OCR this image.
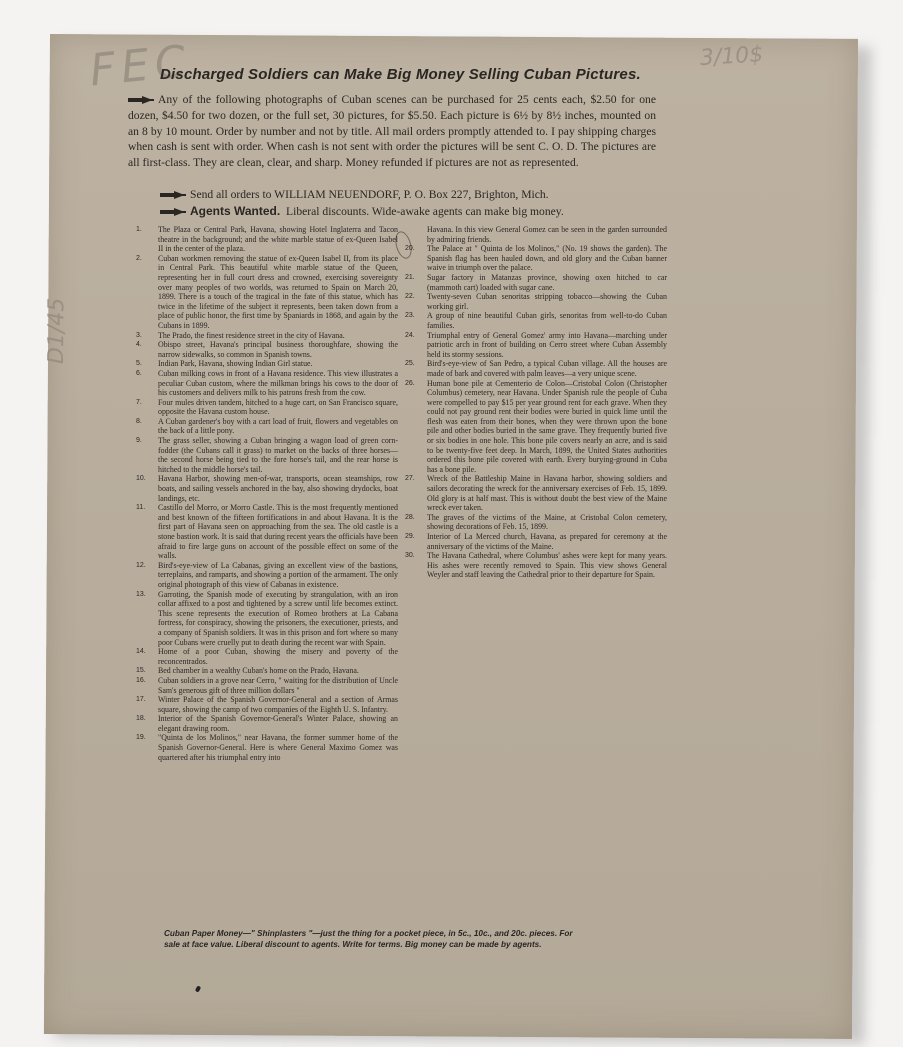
FEC	3/10$
D1/45
Discharged Soldiers can Make Big Money Selling Cuban Pictures.
Any of the following photographs of Cuban scenes can be purchased for 25 cents each, $2.50 for one dozen, $4.50 for two dozen, or the full set, 30 pictures, for $5.50. Each picture is 6½ by 8½ inches, mounted on an 8 by 10 mount. Order by number and not by title. All mail orders promptly attended to. I pay shipping charges when cash is sent with order. When cash is not sent with order the pictures will be sent C. O. D. The pictures are all first-class. They are clean, clear, and sharp. Money refunded if pictures are not as represented.
Send all orders to WILLIAM NEUENDORF, P. O. Box 227, Brighton, Mich.
Agents Wanted. Liberal discounts. Wide-awake agents can make big money.
1.	The Plaza or Central Park, Havana, showing Hotel Inglaterra and Tacon theatre in the background; and the white marble statue of ex-Queen Isabel II in the center of the plaza.
2.	Cuban workmen removing the statue of ex-Queen Isabel II, from its place in Central Park. This beautiful white marble statue of the Queen, representing her in full court dress and crowned, exercising sovereignty over many peoples of two worlds, was returned to Spain on March 20, 1899. There is a touch of the tragical in the fate of this statue, which has twice in the lifetime of the subject it represents, been taken down from a place of public honor, the first time by Spaniards in 1868, and again by the Cubans in 1899.
3.	The Prado, the finest residence street in the city of Havana.
4.	Obispo street, Havana's principal business thoroughfare, showing the narrow sidewalks, so common in Spanish towns.
5.	Indian Park, Havana, showing Indian Girl statue.
6.	Cuban milking cows in front of a Havana residence. This view illustrates a peculiar Cuban custom, where the milkman brings his cows to the door of his customers and delivers milk to his patrons fresh from the cow.
7.	Four mules driven tandem, hitched to a huge cart, on San Francisco square, opposite the Havana custom house.
8.	A Cuban gardener's boy with a cart load of fruit, flowers and vegetables on the back of a little pony.
9.	The grass seller, showing a Cuban bringing a wagon load of green corn-fodder (the Cubans call it grass) to market on the backs of three horses—the second horse being tied to the fore horse's tail, and the rear horse is hitched to the middle horse's tail.
10.	Havana Harbor, showing men-of-war, transports, ocean steamships, row boats, and sailing vessels anchored in the bay, also showing drydocks, boat landings, etc.
11.	Castillo del Morro, or Morro Castle. This is the most frequently mentioned and best known of the fifteen fortifications in and about Havana. It is the first part of Havana seen on approaching from the sea. The old castle is a stone bastion work. It is said that during recent years the officials have been afraid to fire large guns on account of the possible effect on some of the walls.
12.	Bird's-eye-view of La Cabanas, giving an excellent view of the bastions, terreplains, and ramparts, and showing a portion of the armament. The only original photograph of this view of Cabanas in existence.
13.	Garroting, the Spanish mode of executing by strangulation, with an iron collar affixed to a post and tightened by a screw until life becomes extinct. This scene represents the execution of Romeo brothers at La Cabana fortress, for conspiracy, showing the prisoners, the executioner, priests, and a company of Spanish soldiers. It was in this prison and fort where so many poor Cubans were cruelly put to death during the recent war with Spain.
14.	Home of a poor Cuban, showing the misery and poverty of the reconcentrados.
15.	Bed chamber in a wealthy Cuban's home on the Prado, Havana.
16.	Cuban soldiers in a grove near Cerro, " waiting for the distribution of Uncle Sam's generous gift of three million dollars "
17.	Winter Palace of the Spanish Governor-General and a section of Armas square, showing the camp of two companies of the Eighth U. S. Infantry.
18.	Interior of the Spanish Governor-General's Winter Palace, showing an elegant drawing room.
19.	"Quinta de los Molinos," near Havana, the former summer home of the Spanish Governor-General. Here is where General Maximo Gomez was quartered after his triumphal entry into
Havana. In this view General Gomez can be seen in the garden surrounded by admiring friends.
20.	The Palace at " Quinta de los Molinos," (No. 19 shows the garden). The Spanish flag has been hauled down, and old glory and the Cuban banner waive in triumph over the palace.
21.	Sugar factory in Matanzas province, showing oxen hitched to car (mammoth cart) loaded with sugar cane.
22.	Twenty-seven Cuban senoritas stripping tobacco—showing the Cuban working girl.
23.	A group of nine beautiful Cuban girls, senoritas from well-to-do Cuban families.
24.	Triumphal entry of General Gomez' army into Havana—marching under patriotic arch in front of building on Cerro street where Cuban Assembly held its stormy sessions.
25.	Bird's-eye-view of San Pedro, a typical Cuban village. All the houses are made of bark and covered with palm leaves—a very unique scene.
26.	Human bone pile at Cementerio de Colon—Cristobal Colon (Christopher Columbus) cemetery, near Havana. Under Spanish rule the people of Cuba were compelled to pay $15 per year ground rent for each grave. When they could not pay ground rent their bodies were buried in quick lime until the flesh was eaten from their bones, when they were thrown upon the bone pile and other bodies buried in the same grave. They frequently buried five or six bodies in one hole. This bone pile covers nearly an acre, and is said to be twenty-five feet deep. In March, 1899, the United States authorities ordered this bone pile covered with earth. Every burying-ground in Cuba has a bone pile.
27.	Wreck of the Battleship Maine in Havana harbor, showing soldiers and sailors decorating the wreck for the anniversary exercises of Feb. 15, 1899. Old glory is at half mast. This is without doubt the best view of the Maine wreck ever taken.
28.	The graves of the victims of the Maine, at Cristobal Colon cemetery, showing decorations of Feb. 15, 1899.
29.	Interior of La Merced church, Havana, as prepared for ceremony at the anniversary of the victims of the Maine.
30.	The Havana Cathedral, where Columbus' ashes were kept for many years. His ashes were recently removed to Spain. This view shows General Weyler and staff leaving the Cathedral prior to their departure for Spain.
Cuban Paper Money—" Shinplasters "—just the thing for a pocket piece, in 5c., 10c., and 20c. pieces. For
sale at face value. Liberal discount to agents. Write for terms. Big money can be made by agents.
